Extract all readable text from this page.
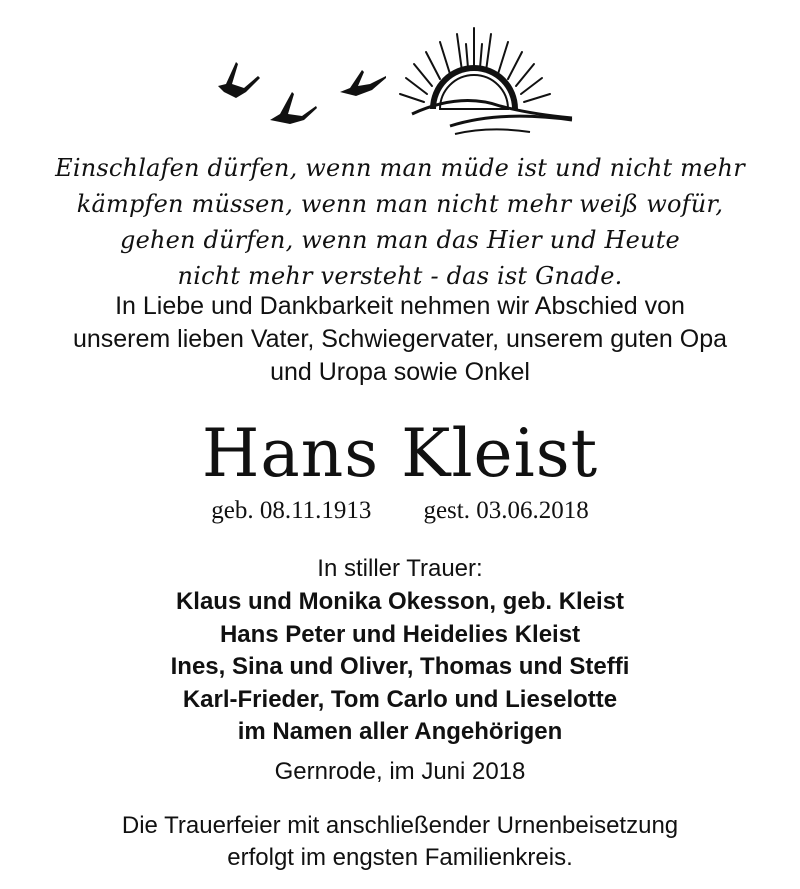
Einschlafen dürfen, wenn man müde ist und nicht mehr
kämpfen müssen, wenn man nicht mehr weiß wofür,
gehen dürfen, wenn man das Hier und Heute
nicht mehr versteht - das ist Gnade.
In Liebe und Dankbarkeit nehmen wir Abschied von
unserem lieben Vater, Schwiegervater, unserem guten Opa
und Uropa sowie Onkel
Hans Kleist
geb. 08.11.1913 gest. 03.06.2018
In stiller Trauer:
Klaus und Monika Okesson, geb. Kleist
Hans Peter und Heidelies Kleist
Ines, Sina und Oliver, Thomas und Steffi
Karl-Frieder, Tom Carlo und Lieselotte
im Namen aller Angehörigen
Gernrode, im Juni 2018
Die Trauerfeier mit anschließender Urnenbeisetzung
erfolgt im engsten Familienkreis.
